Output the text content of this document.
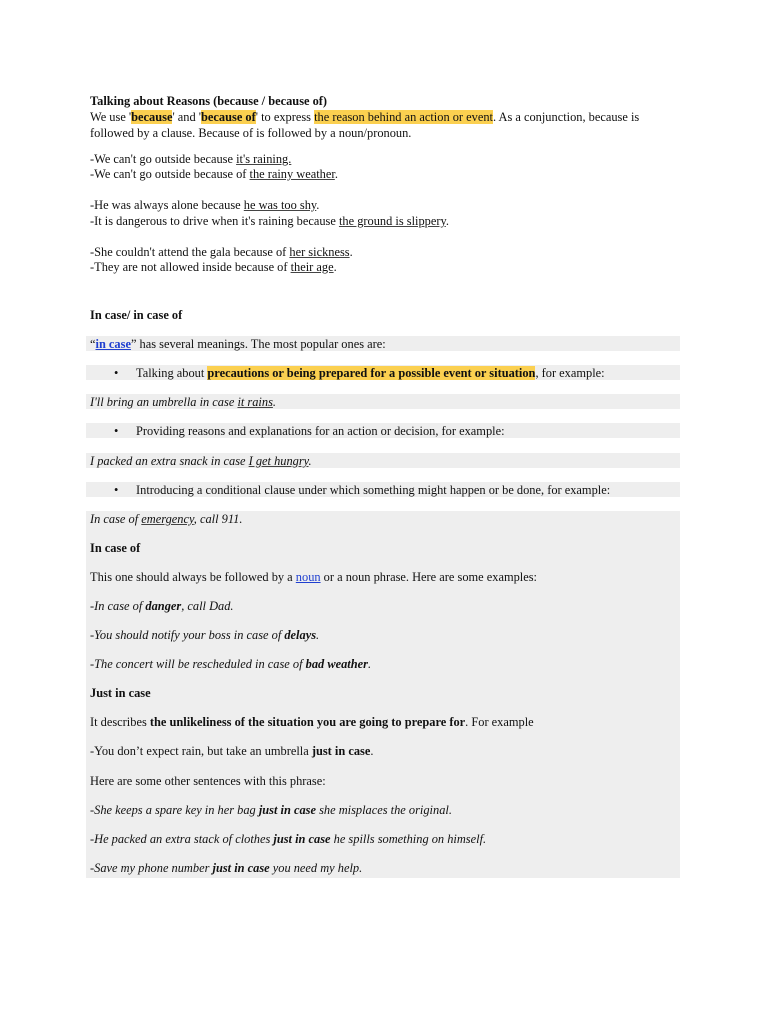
Talking about Reasons (because / because of)
We use 'because' and 'because of' to express the reason behind an action or event. As a conjunction, because is
followed by a clause. Because of is followed by a noun/pronoun.
-We can't go outside because it's raining.
-We can't go outside because of the rainy weather.
-He was always alone because he was too shy.
-It is dangerous to drive when it's raining because the ground is slippery.
-She couldn't attend the gala because of her sickness.
-They are not allowed inside because of their age.
In case/ in case of
“in case” has several meanings. The most popular ones are:
• Talking about precautions or being prepared for a possible event or situation, for example:
I'll bring an umbrella in case it rains.
• Providing reasons and explanations for an action or decision, for example:
I packed an extra snack in case I get hungry.
• Introducing a conditional clause under which something might happen or be done, for example:
In case of emergency, call 911.
In case of
This one should always be followed by a noun or a noun phrase. Here are some examples:
-In case of danger, call Dad.
-You should notify your boss in case of delays.
-The concert will be rescheduled in case of bad weather.
Just in case
It describes the unlikeliness of the situation you are going to prepare for. For example
-You don’t expect rain, but take an umbrella just in case.
Here are some other sentences with this phrase:
-She keeps a spare key in her bag just in case she misplaces the original.
-He packed an extra stack of clothes just in case he spills something on himself.
-Save my phone number just in case you need my help.
